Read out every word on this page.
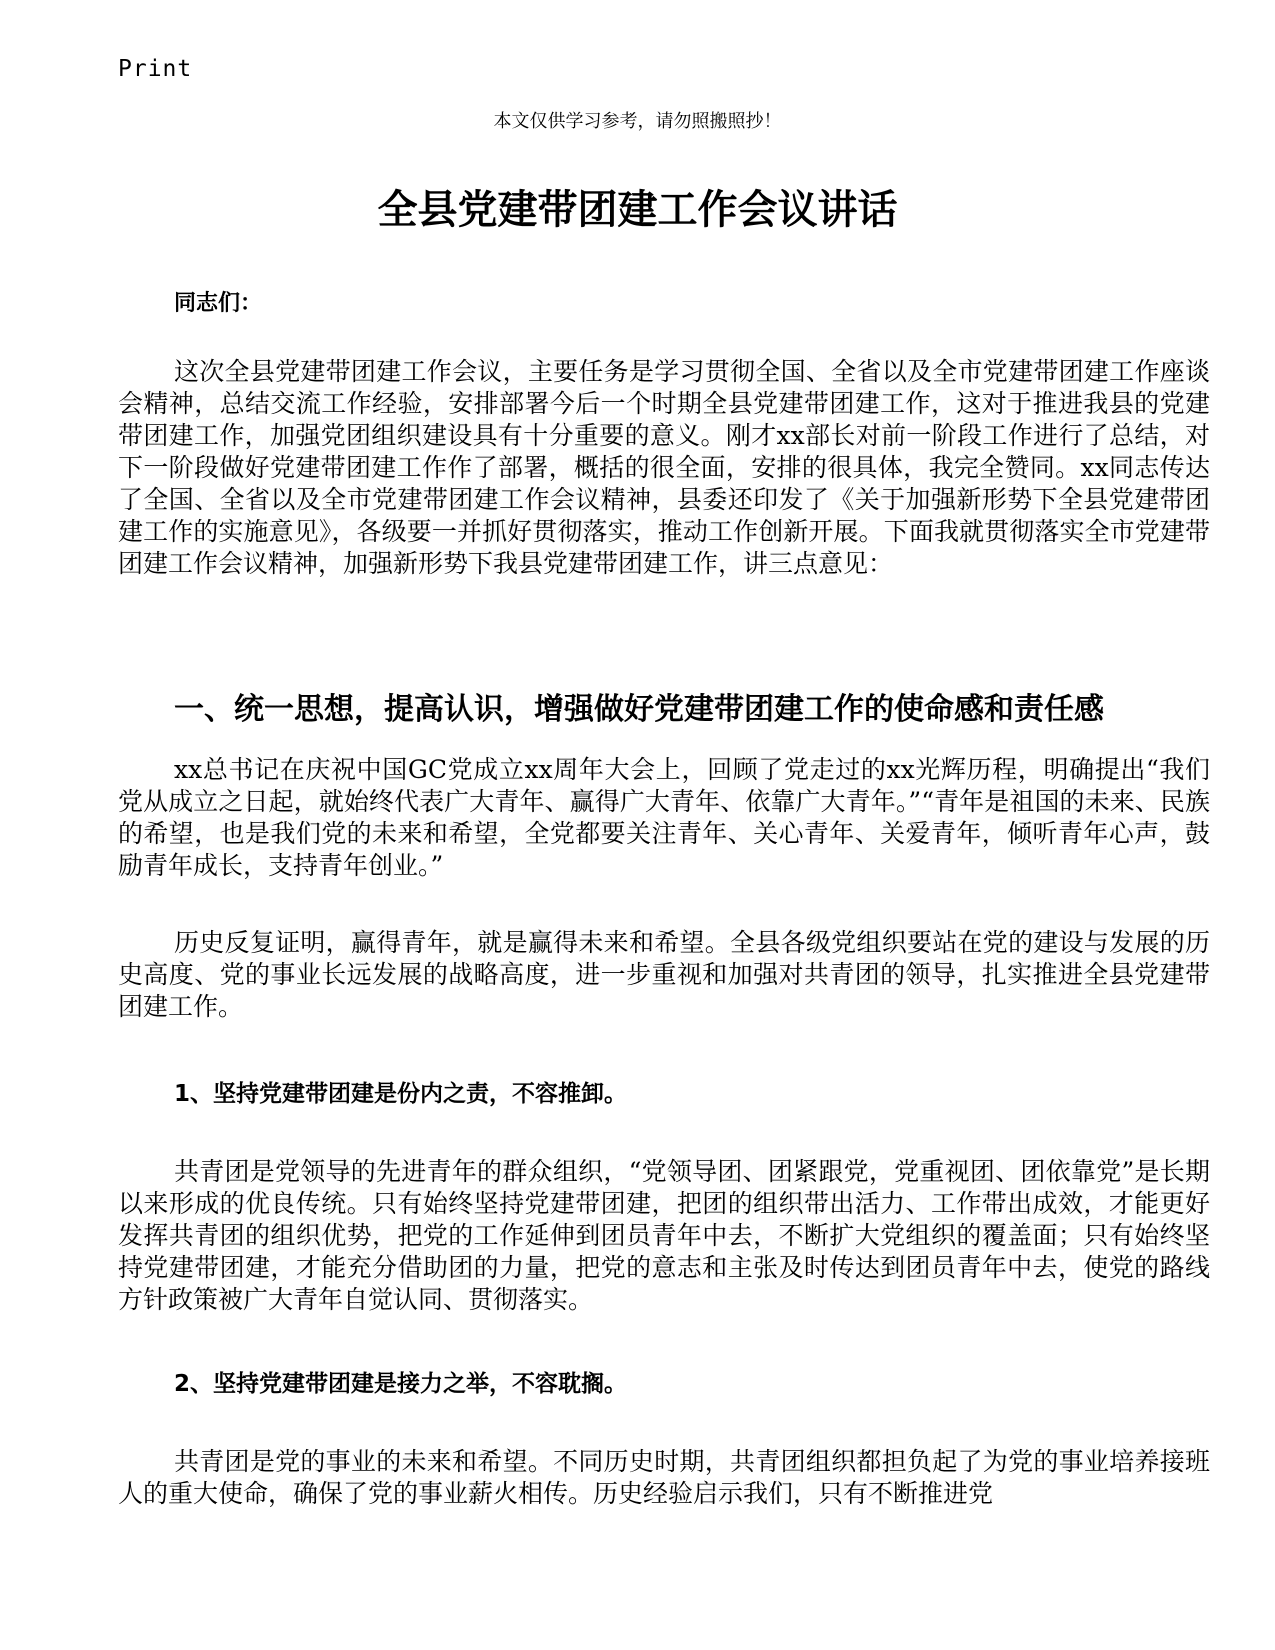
Print
本文仅供学习参考，请勿照搬照抄！
全县党建带团建工作会议讲话
同志们：

这次全县党建带团建工作会议，主要任务是学习贯彻全国、全省以及全市党建带团建工作座谈会精神，总结交流工作经验，安排部署今后一个时期全县党建带团建工作，这对于推进我县的党建带团建工作，加强党团组织建设具有十分重要的意义。刚才xx部长对前一阶段工作进行了总结，对下一阶段做好党建带团建工作作了部署，概括的很全面，安排的很具体，我完全赞同。xx同志传达了全国、全省以及全市党建带团建工作会议精神，县委还印发了《关于加强新形势下全县党建带团建工作的实施意见》，各级要一并抓好贯彻落实，推动工作创新开展。下面我就贯彻落实全市党建带团建工作会议精神，加强新形势下我县党建带团建工作，讲三点意见：

一、统一思想，提高认识，增强做好党建带团建工作的使命感和责任感

xx总书记在庆祝中国GC党成立xx周年大会上，回顾了党走过的xx光辉历程，明确提出“我们党从成立之日起，就始终代表广大青年、赢得广大青年、依靠广大青年。”“青年是祖国的未来、民族的希望，也是我们党的未来和希望，全党都要关注青年、关心青年、关爱青年，倾听青年心声，鼓励青年成长，支持青年创业。”

历史反复证明，赢得青年，就是赢得未来和希望。全县各级党组织要站在党的建设与发展的历史高度、党的事业长远发展的战略高度，进一步重视和加强对共青团的领导，扎实推进全县党建带团建工作。

1、坚持党建带团建是份内之责，不容推卸。

共青团是党领导的先进青年的群众组织，“党领导团、团紧跟党，党重视团、团依靠党”是长期以来形成的优良传统。只有始终坚持党建带团建，把团的组织带出活力、工作带出成效，才能更好发挥共青团的组织优势，把党的工作延伸到团员青年中去，不断扩大党组织的覆盖面；只有始终坚持党建带团建，才能充分借助团的力量，把党的意志和主张及时传达到团员青年中去，使党的路线方针政策被广大青年自觉认同、贯彻落实。

2、坚持党建带团建是接力之举，不容耽搁。

共青团是党的事业的未来和希望。不同历史时期，共青团组织都担负起了为党的事业培养接班人的重大使命，确保了党的事业薪火相传。历史经验启示我们，只有不断推进党
